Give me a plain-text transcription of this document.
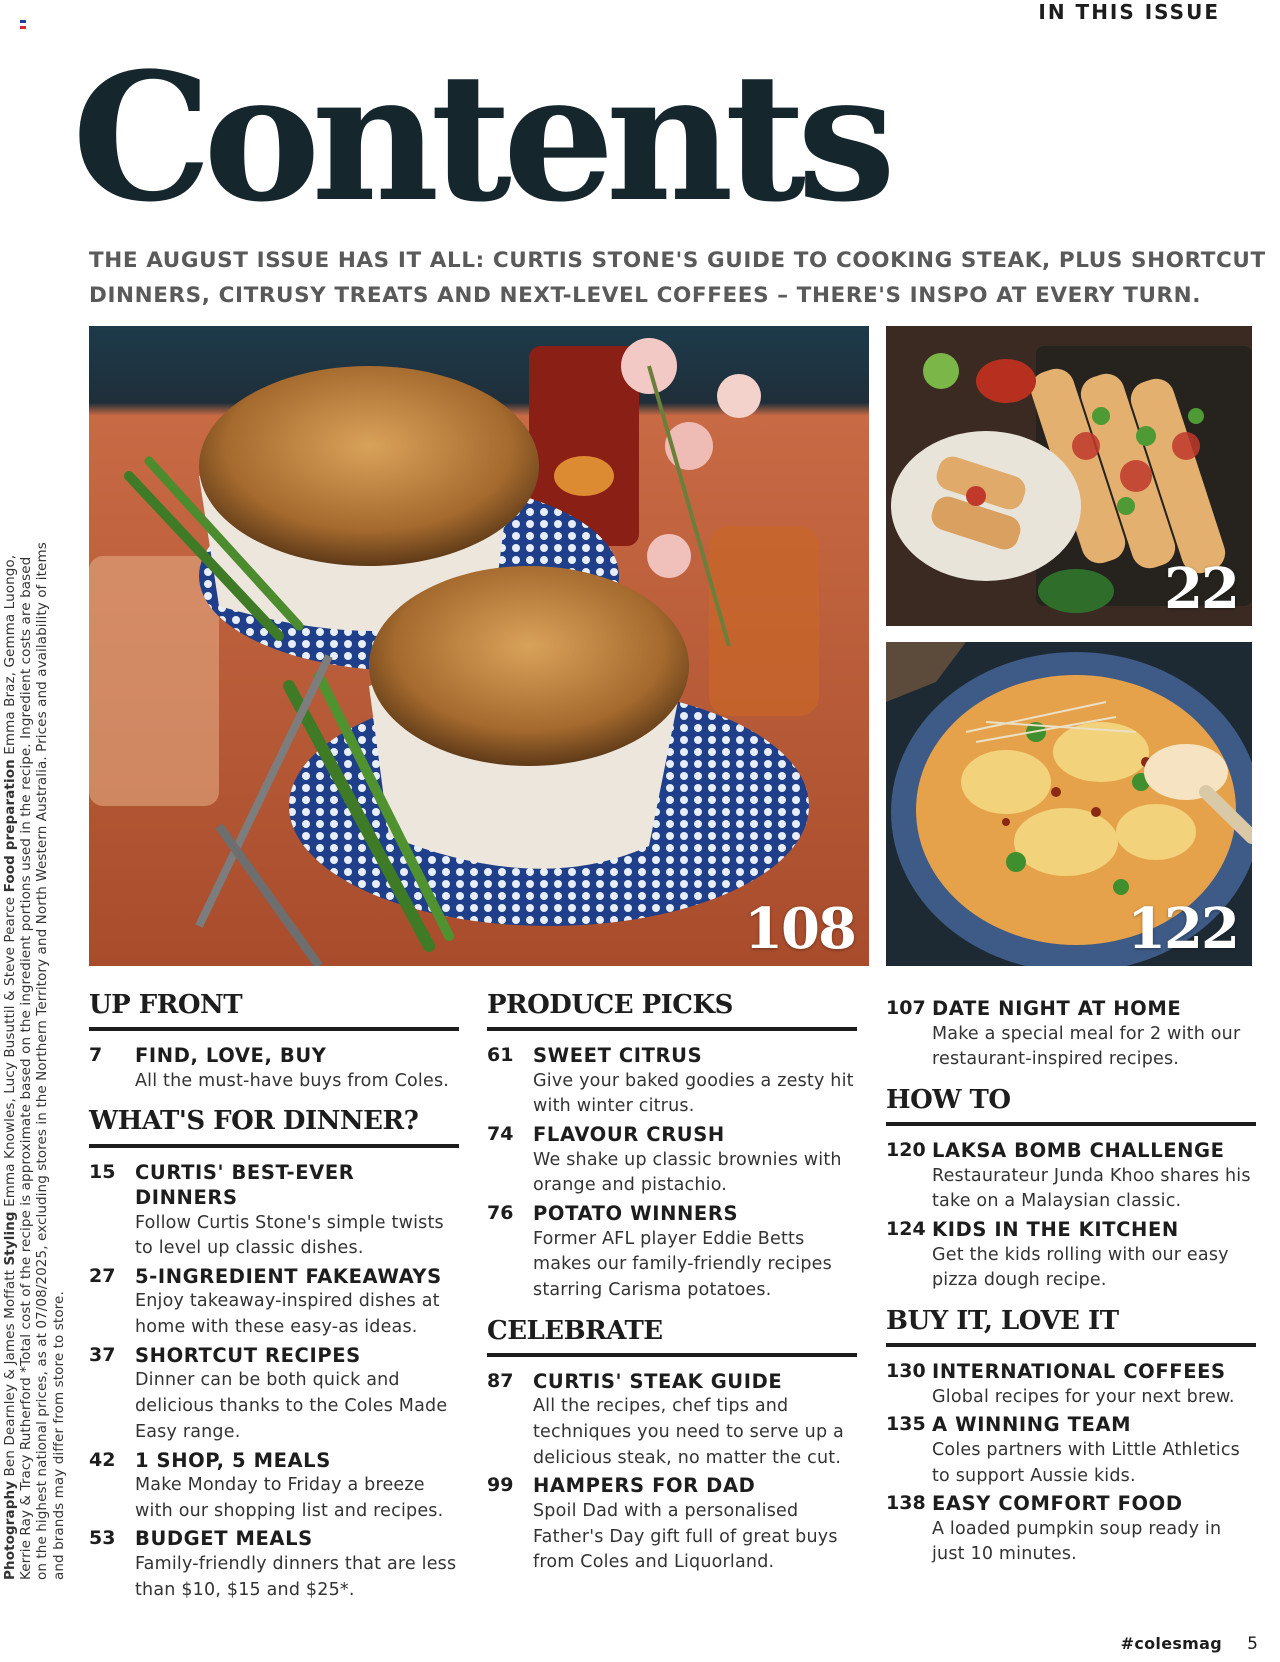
IN THIS ISSUE
Contents

THE AUGUST ISSUE HAS IT ALL: CURTIS STONE'S GUIDE TO COOKING STEAK, PLUS SHORTCUT DINNERS, CITRUSY TREATS AND NEXT-LEVEL COFFEES – THERE'S INSPO AT EVERY TURN.

108
22
122
UP FRONT
7	FIND, LOVE, BUY
All the must-have buys from Coles.
WHAT'S FOR DINNER?
15	CURTIS' BEST-EVER DINNERS
Follow Curtis Stone's simple twists to level up classic dishes.
27	5-INGREDIENT FAKEAWAYS
Enjoy takeaway-inspired dishes at home with these easy-as ideas.
37	SHORTCUT RECIPES
Dinner can be both quick and delicious thanks to the Coles Made Easy range.
42	1 SHOP, 5 MEALS
Make Monday to Friday a breeze with our shopping list and recipes.
53	BUDGET MEALS
Family-friendly dinners that are less than $10, $15 and $25*.
PRODUCE PICKS
61	SWEET CITRUS
Give your baked goodies a zesty hit with winter citrus.
74	FLAVOUR CRUSH
We shake up classic brownies with orange and pistachio.
76	POTATO WINNERS
Former AFL player Eddie Betts makes our family-friendly recipes starring Carisma potatoes.
CELEBRATE
87	CURTIS' STEAK GUIDE
All the recipes, chef tips and techniques you need to serve up a delicious steak, no matter the cut.
99	HAMPERS FOR DAD
Spoil Dad with a personalised Father's Day gift full of great buys from Coles and Liquorland.
107 DATE NIGHT AT HOME
Make a special meal for 2 with our restaurant-inspired recipes.
HOW TO
120 LAKSA BOMB CHALLENGE
Restaurateur Junda Khoo shares his take on a Malaysian classic.
124 KIDS IN THE KITCHEN
Get the kids rolling with our easy pizza dough recipe.
BUY IT, LOVE IT
130 INTERNATIONAL COFFEES
Global recipes for your next brew.
135 A WINNING TEAM
Coles partners with Little Athletics to support Aussie kids.
138 EASY COMFORT FOOD
A loaded pumpkin soup ready in just 10 minutes.
Photography Ben Dearnley & James Moffatt Styling Emma Knowles, Lucy Busuttil & Steve Pearce Food preparation Emma Braz, Gemma Luongo, Kerrie Ray & Tracy Rutherford *Total cost of the recipe is approximate based on the ingredient portions used in the recipe. Ingredient costs are based on the highest national prices, as at 07/08/2025, excluding stores in the Northern Territory and North Western Australia. Prices and availability of items and brands may differ from store to store.
#colesmag 5
